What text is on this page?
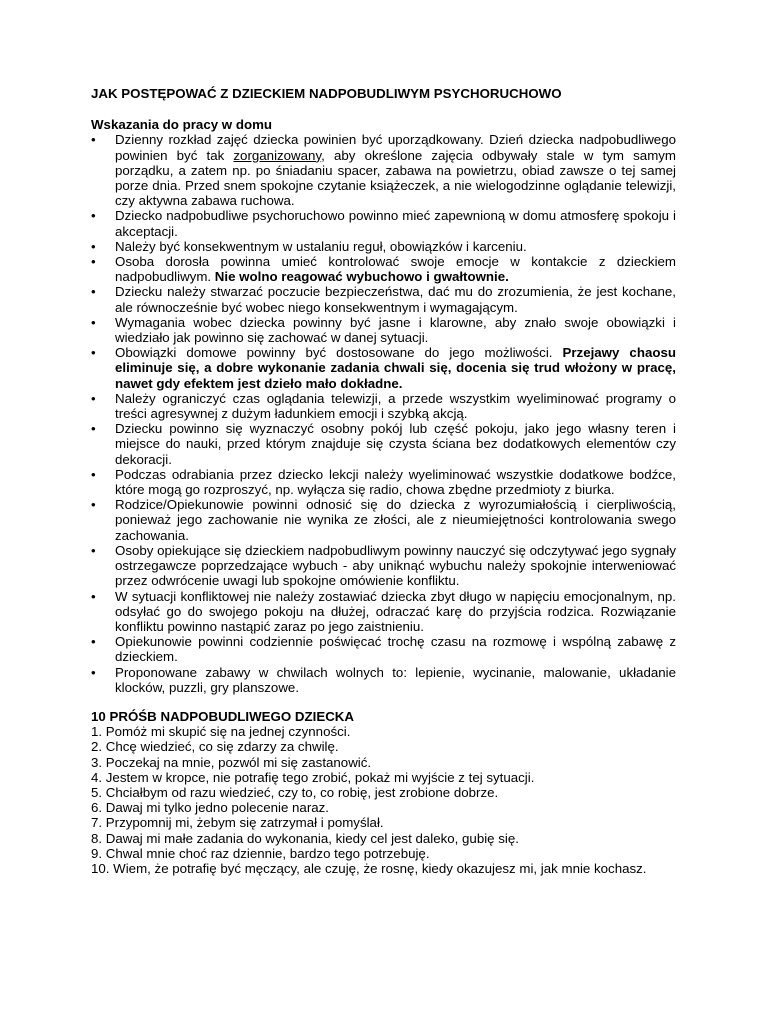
JAK POSTĘPOWAĆ Z DZIECKIEM NADPOBUDLIWYM PSYCHORUCHOWO
Wskazania do pracy w domu
•	Dzienny rozkład zajęć dziecka powinien być uporządkowany. Dzień dziecka nadpobudliwego powinien być tak zorganizowany, aby określone zajęcia odbywały stale w tym samym porządku, a zatem np. po śniadaniu spacer, zabawa na powietrzu, obiad zawsze o tej samej porze dnia. Przed snem spokojne czytanie książeczek, a nie wielogodzinne oglądanie telewizji, czy aktywna zabawa ruchowa.
•	Dziecko nadpobudliwe psychoruchowo powinno mieć zapewnioną w domu atmosferę spokoju i akceptacji.
•	Należy być konsekwentnym w ustalaniu reguł, obowiązków i karceniu.
•	Osoba dorosła powinna umieć kontrolować swoje emocje w kontakcie z dzieckiem nadpobudliwym. Nie wolno reagować wybuchowo i gwałtownie.
•	Dziecku należy stwarzać poczucie bezpieczeństwa, dać mu do zrozumienia, że jest kochane, ale równocześnie być wobec niego konsekwentnym i wymagającym.
•	Wymagania wobec dziecka powinny być jasne i klarowne, aby znało swoje obowiązki i wiedziało jak powinno się zachować w danej sytuacji.
•	Obowiązki domowe powinny być dostosowane do jego możliwości. Przejawy chaosu eliminuje się, a dobre wykonanie zadania chwali się, docenia się trud włożony w pracę, nawet gdy efektem jest dzieło mało dokładne.
•	Należy ograniczyć czas oglądania telewizji, a przede wszystkim wyeliminować programy o treści agresywnej z dużym ładunkiem emocji i szybką akcją.
•	Dziecku powinno się wyznaczyć osobny pokój lub część pokoju, jako jego własny teren i miejsce do nauki, przed którym znajduje się czysta ściana bez dodatkowych elementów czy dekoracji.
•	Podczas odrabiania przez dziecko lekcji należy wyeliminować wszystkie dodatkowe bodźce, które mogą go rozproszyć, np. wyłącza się radio, chowa zbędne przedmioty z biurka.
•	Rodzice/Opiekunowie powinni odnosić się do dziecka z wyrozumiałością i cierpliwością, ponieważ jego zachowanie nie wynika ze złości, ale z nieumiejętności kontrolowania swego zachowania.
•	Osoby opiekujące się dzieckiem nadpobudliwym powinny nauczyć się odczytywać jego sygnały ostrzegawcze poprzedzające wybuch - aby uniknąć wybuchu należy spokojnie interweniować przez odwrócenie uwagi lub spokojne omówienie konfliktu.
•	W sytuacji konfliktowej nie należy zostawiać dziecka zbyt długo w napięciu emocjonalnym, np. odsyłać go do swojego pokoju na dłużej, odraczać karę do przyjścia rodzica. Rozwiązanie konfliktu powinno nastąpić zaraz po jego zaistnieniu.
•	Opiekunowie powinni codziennie poświęcać trochę czasu na rozmowę i wspólną zabawę z dzieckiem.
•	Proponowane zabawy w chwilach wolnych to: lepienie, wycinanie, malowanie, układanie klocków, puzzli, gry planszowe.
10 PRÓŚB NADPOBUDLIWEGO DZIECKA
1. Pomóż mi skupić się na jednej czynności.
2. Chcę wiedzieć, co się zdarzy za chwilę.
3. Poczekaj na mnie, pozwól mi się zastanowić.
4. Jestem w kropce, nie potrafię tego zrobić, pokaż mi wyjście z tej sytuacji.
5. Chciałbym od razu wiedzieć, czy to, co robię, jest zrobione dobrze.
6. Dawaj mi tylko jedno polecenie naraz.
7. Przypomnij mi, żebym się zatrzymał i pomyślał.
8. Dawaj mi małe zadania do wykonania, kiedy cel jest daleko, gubię się.
9. Chwal mnie choć raz dziennie, bardzo tego potrzebuję.
10. Wiem, że potrafię być męczący, ale czuję, że rosnę, kiedy okazujesz mi, jak mnie kochasz.
